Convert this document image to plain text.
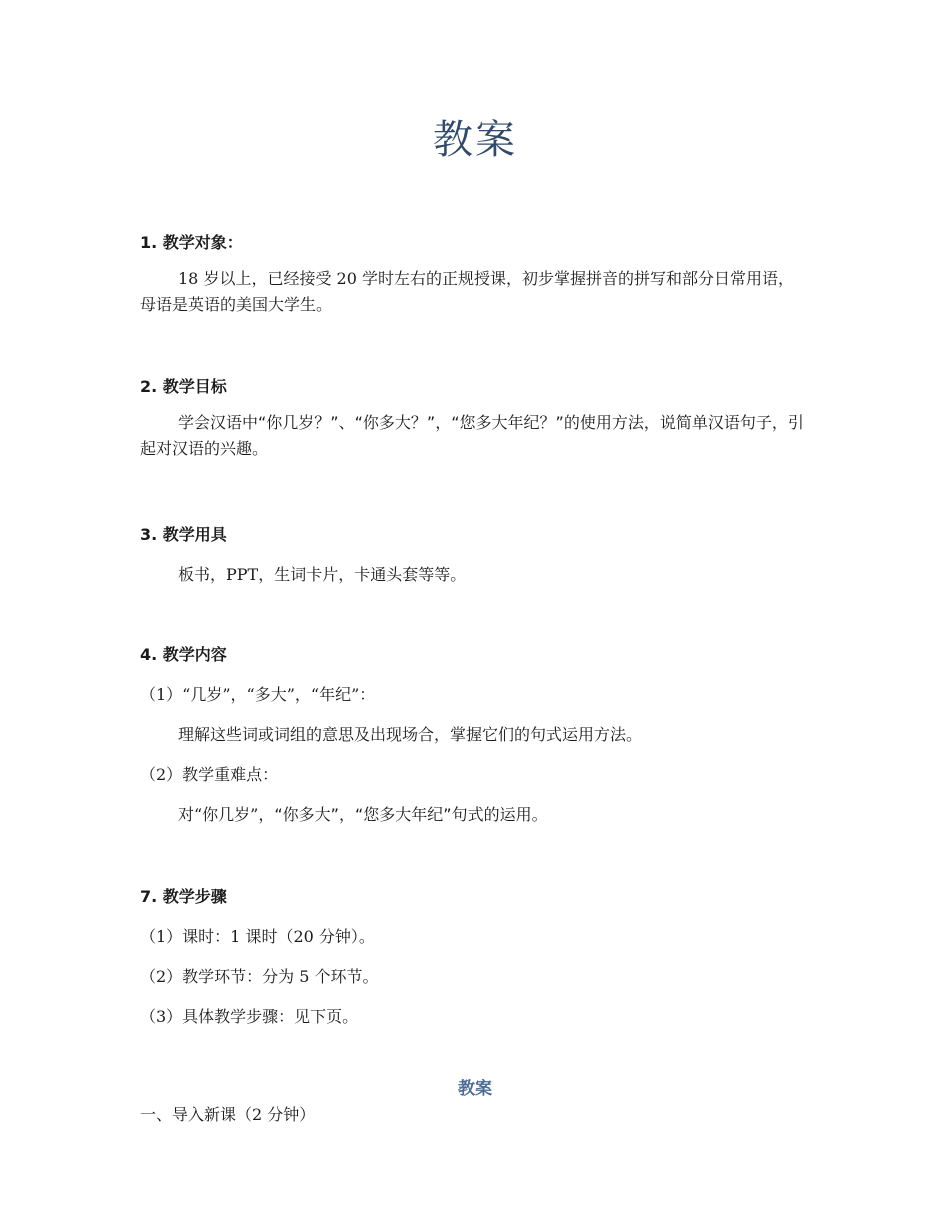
教案
1. 教学对象：
18 岁以上，已经接受 20 学时左右的正规授课，初步掌握拼音的拼写和部分日常用语，母语是英语的美国大学生。
2. 教学目标
学会汉语中“你几岁？”、“你多大？”，“您多大年纪？”的使用方法，说简单汉语句子，引起对汉语的兴趣。
3. 教学用具
板书，PPT，生词卡片，卡通头套等等。
4. 教学内容
（1）“几岁”，“多大”，“年纪”：
理解这些词或词组的意思及出现场合，掌握它们的句式运用方法。
（2）教学重难点：
对“你几岁”，“你多大”，“您多大年纪”句式的运用。
7. 教学步骤
（1）课时：1 课时（20 分钟）。
（2）教学环节：分为 5 个环节。
（3）具体教学步骤：见下页。
教案
一、导入新课（2 分钟）
